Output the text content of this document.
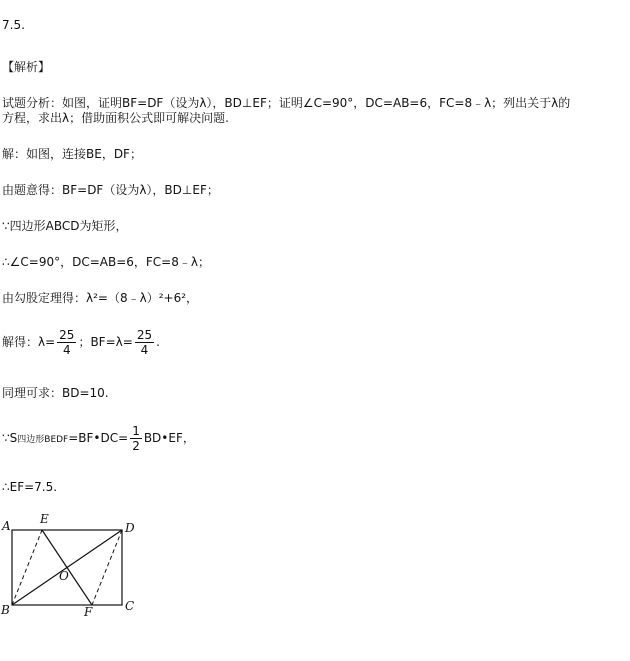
7.5.
【解析】
试题分析：如图，证明BF=DF（设为λ），BD⊥EF；证明∠C=90°，DC=AB=6，FC=8﹣λ；列出关于λ的
方程，求出λ；借助面积公式即可解决问题.
解：如图，连接BE，DF；
由题意得：BF=DF（设为λ），BD⊥EF；
∵四边形ABCD为矩形，
∴∠C=90°，DC=AB=6，FC=8﹣λ；
由勾股定理得：λ²=（8﹣λ）²+6²，
解得：$\lambda= \frac{25}{4}$ ；$BF=\lambda= \frac{25}{4}$ .
同理可求：BD=10.
∵S四边形BEDF=BF•DC= $\frac{1}{2}$ BD•EF，
∴EF=7.5.
A E
D
O
B	F	C
